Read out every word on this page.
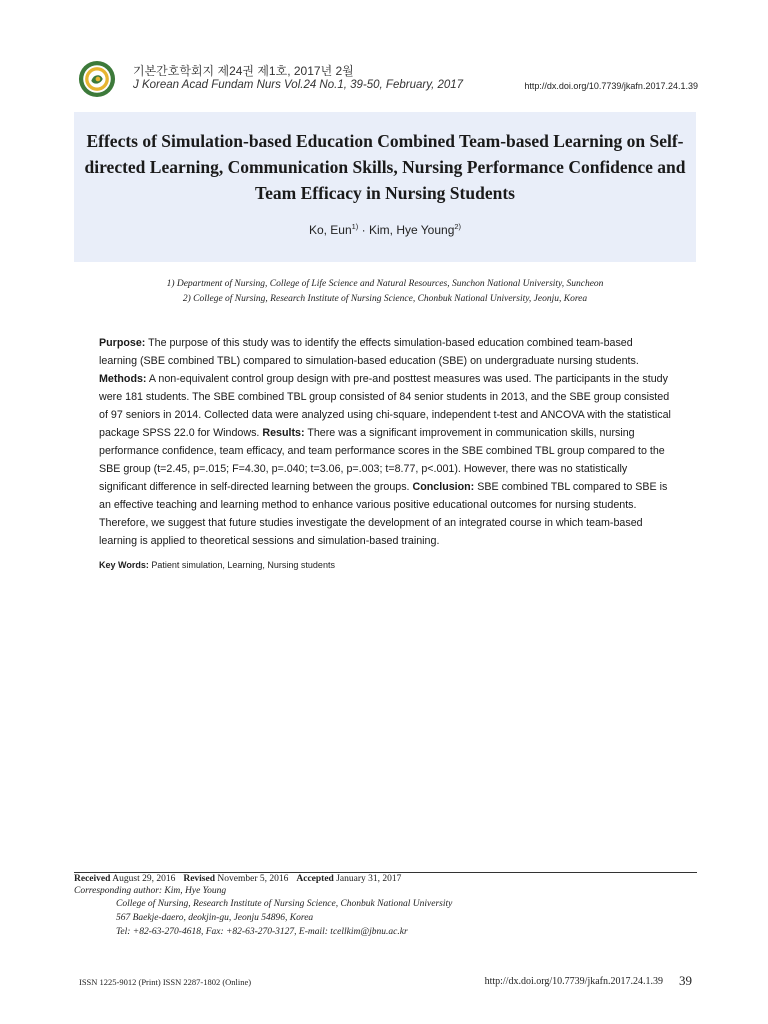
기본간호학회지 제24권 제1호, 2017년 2월
J Korean Acad Fundam Nurs Vol.24 No.1, 39-50, February, 2017	http://dx.doi.org/10.7739/jkafn.2017.24.1.39
Effects of Simulation-based Education Combined Team-based Learning on Self-directed Learning, Communication Skills, Nursing Performance Confidence and Team Efficacy in Nursing Students
Ko, Eun$^{1)}$ · Kim, Hye Young$^{2)}$
1) Department of Nursing, College of Life Science and Natural Resources, Sunchon National University, Suncheon
2) College of Nursing, Research Institute of Nursing Science, Chonbuk National University, Jeonju, Korea
Purpose: The purpose of this study was to identify the effects simulation-based education combined team-based learning (SBE combined TBL) compared to simulation-based education (SBE) on undergraduate nursing students. Methods: A non-equivalent control group design with pre-and posttest measures was used. The participants in the study were 181 students. The SBE combined TBL group consisted of 84 senior students in 2013, and the SBE group consisted of 97 seniors in 2014. Collected data were analyzed using chi-square, independent t-test and ANCOVA with the statistical package SPSS 22.0 for Windows. Results: There was a significant improvement in communication skills, nursing performance confidence, team efficacy, and team performance scores in the SBE combined TBL group compared to the SBE group (t=2.45, p=.015; F=4.30, p=.040; t=3.06, p=.003; t=8.77, p<.001). However, there was no statistically significant difference in self-directed learning between the groups. Conclusion: SBE combined TBL compared to SBE is an effective teaching and learning method to enhance various positive educational outcomes for nursing students. Therefore, we suggest that future studies investigate the development of an integrated course in which team-based learning is applied to theoretical sessions and simulation-based training.
Key Words: Patient simulation, Learning, Nursing students
Received August 29, 2016 Revised November 5, 2016 Accepted January 31, 2017
Corresponding author: Kim, Hye Young
College of Nursing, Research Institute of Nursing Science, Chonbuk National University
567 Baekje-daero, deokjin-gu, Jeonju 54896, Korea
Tel: +82-63-270-4618, Fax: +82-63-270-3127, E-mail: tcellkim@jbnu.ac.kr
ISSN 1225-9012 (Print) ISSN 2287-1802 (Online)	http://dx.doi.org/10.7739/jkafn.2017.24.1.39 39
